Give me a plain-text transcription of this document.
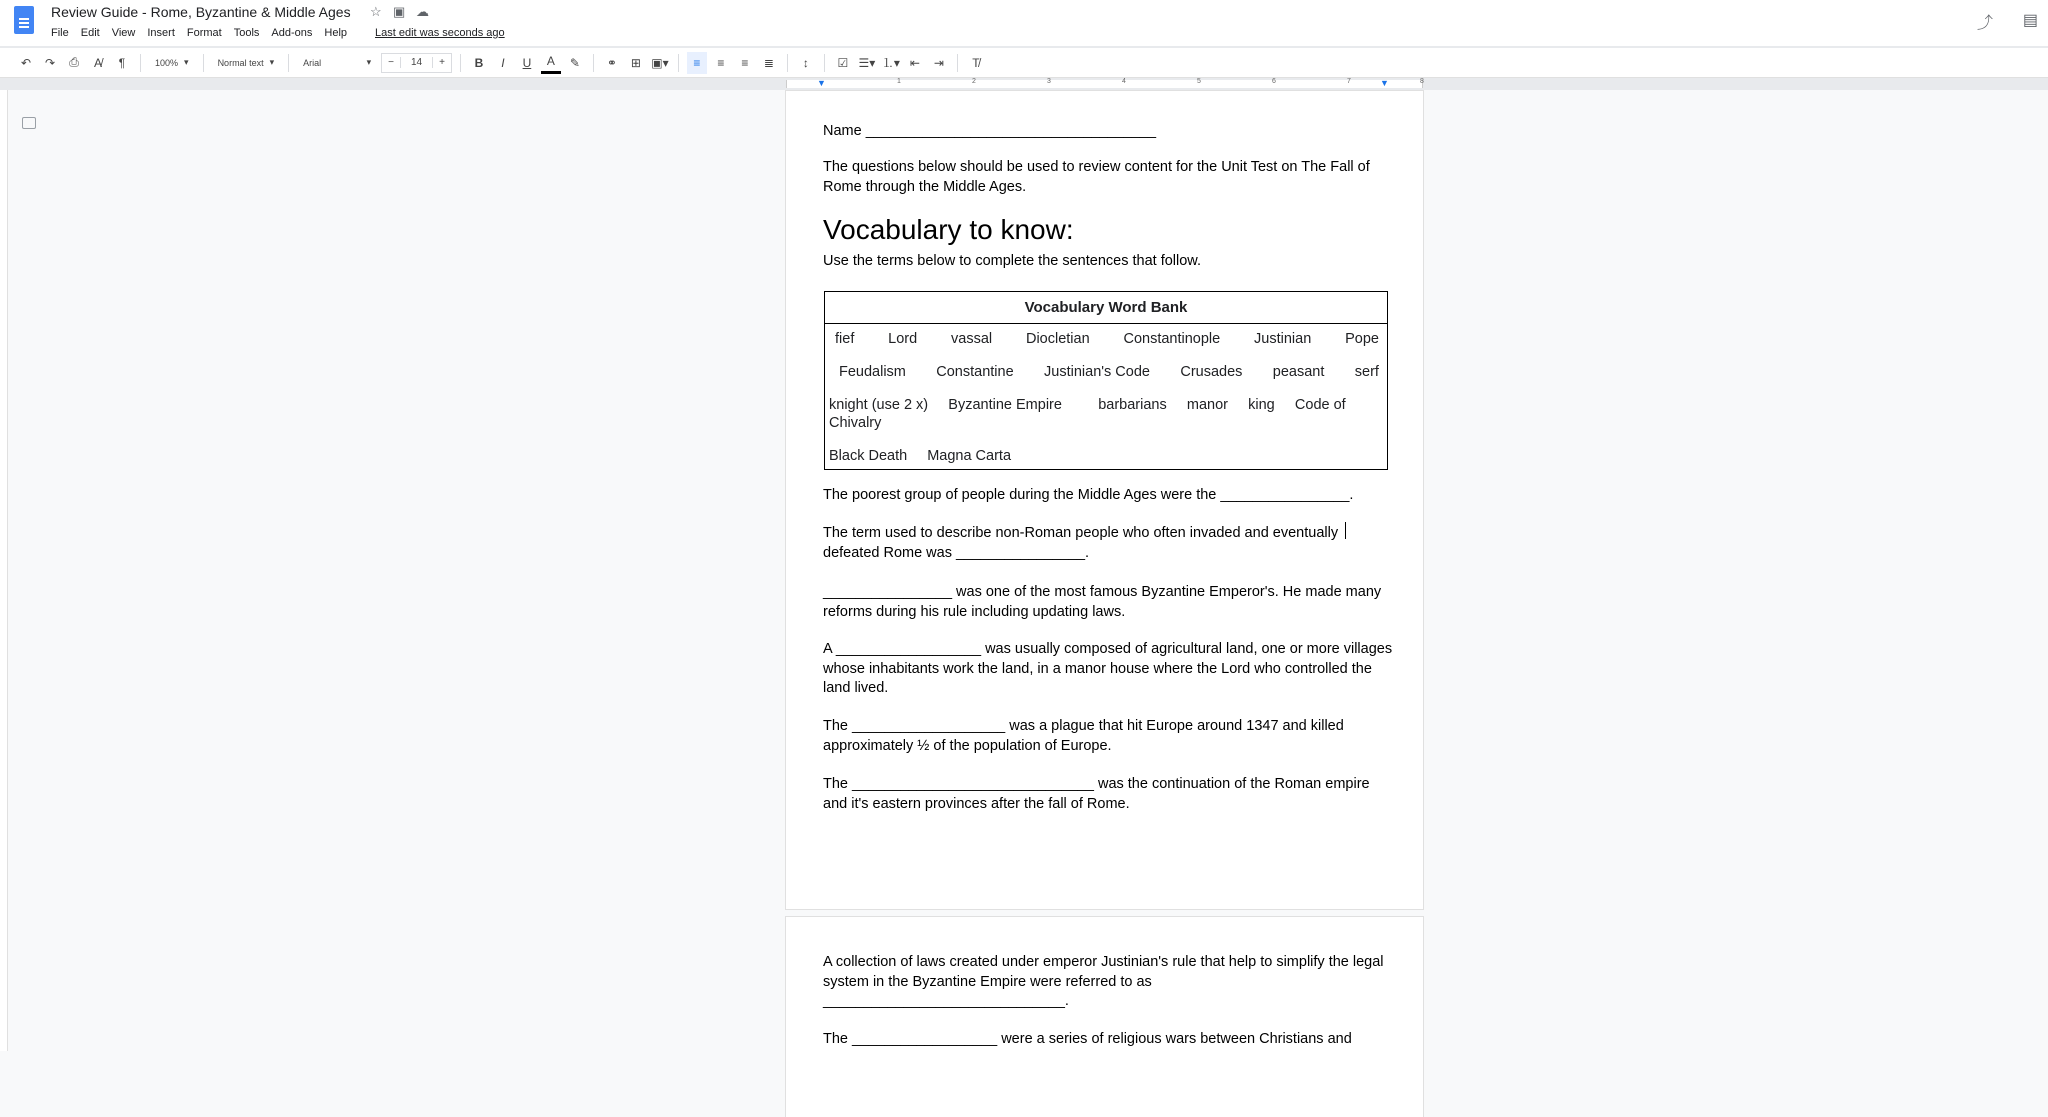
Review Guide - Rome, Byzantine & Middle Ages ☆ ▣ ☁
File Edit View Insert Format Tools Add-ons Help	Last edit was seconds ago
⤴ ▤
↶	↷	⎙	A̸	¶	100% ▾	Normal text ▾	Arial	▾	−	14	+	B	I	U	A	✎	⚭	⊞ ▣▾	≡	≡	≡	≣	↕	☑ ☰▾ ⒈▾ ⇤	⇥	T̸
1	2	3	4	5	6	7	8
▼	▼
Name ____________________________________
The questions below should be used to review content for the Unit Test on The Fall of Rome through the Middle Ages.
Vocabulary to know:
Use the terms below to complete the sentences that follow.
Vocabulary Word Bank
fief Lord vassal Diocletian Constantinople Justinian Pope
Feudalism Constantine Justinian's Code Crusades peasant serf
knight (use 2 x) Byzantine Empire	barbarians manor king Code of Chivalry
Black Death Magna Carta
The poorest group of people during the Middle Ages were the ________________.
The term used to describe non-Roman people who often invaded and eventually defeated Rome was ________________.
________________ was one of the most famous Byzantine Emperor's. He made many reforms during his rule including updating laws.
A __________________ was usually composed of agricultural land, one or more villages whose inhabitants work the land, in a manor house where the Lord who controlled the land lived.
The ___________________ was a plague that hit Europe around 1347 and killed approximately ½ of the population of Europe.
The ______________________________ was the continuation of the Roman empire and it's eastern provinces after the fall of Rome.
A collection of laws created under emperor Justinian's rule that help to simplify the legal system in the Byzantine Empire were referred to as ______________________________.
The __________________ were a series of religious wars between Christians and
